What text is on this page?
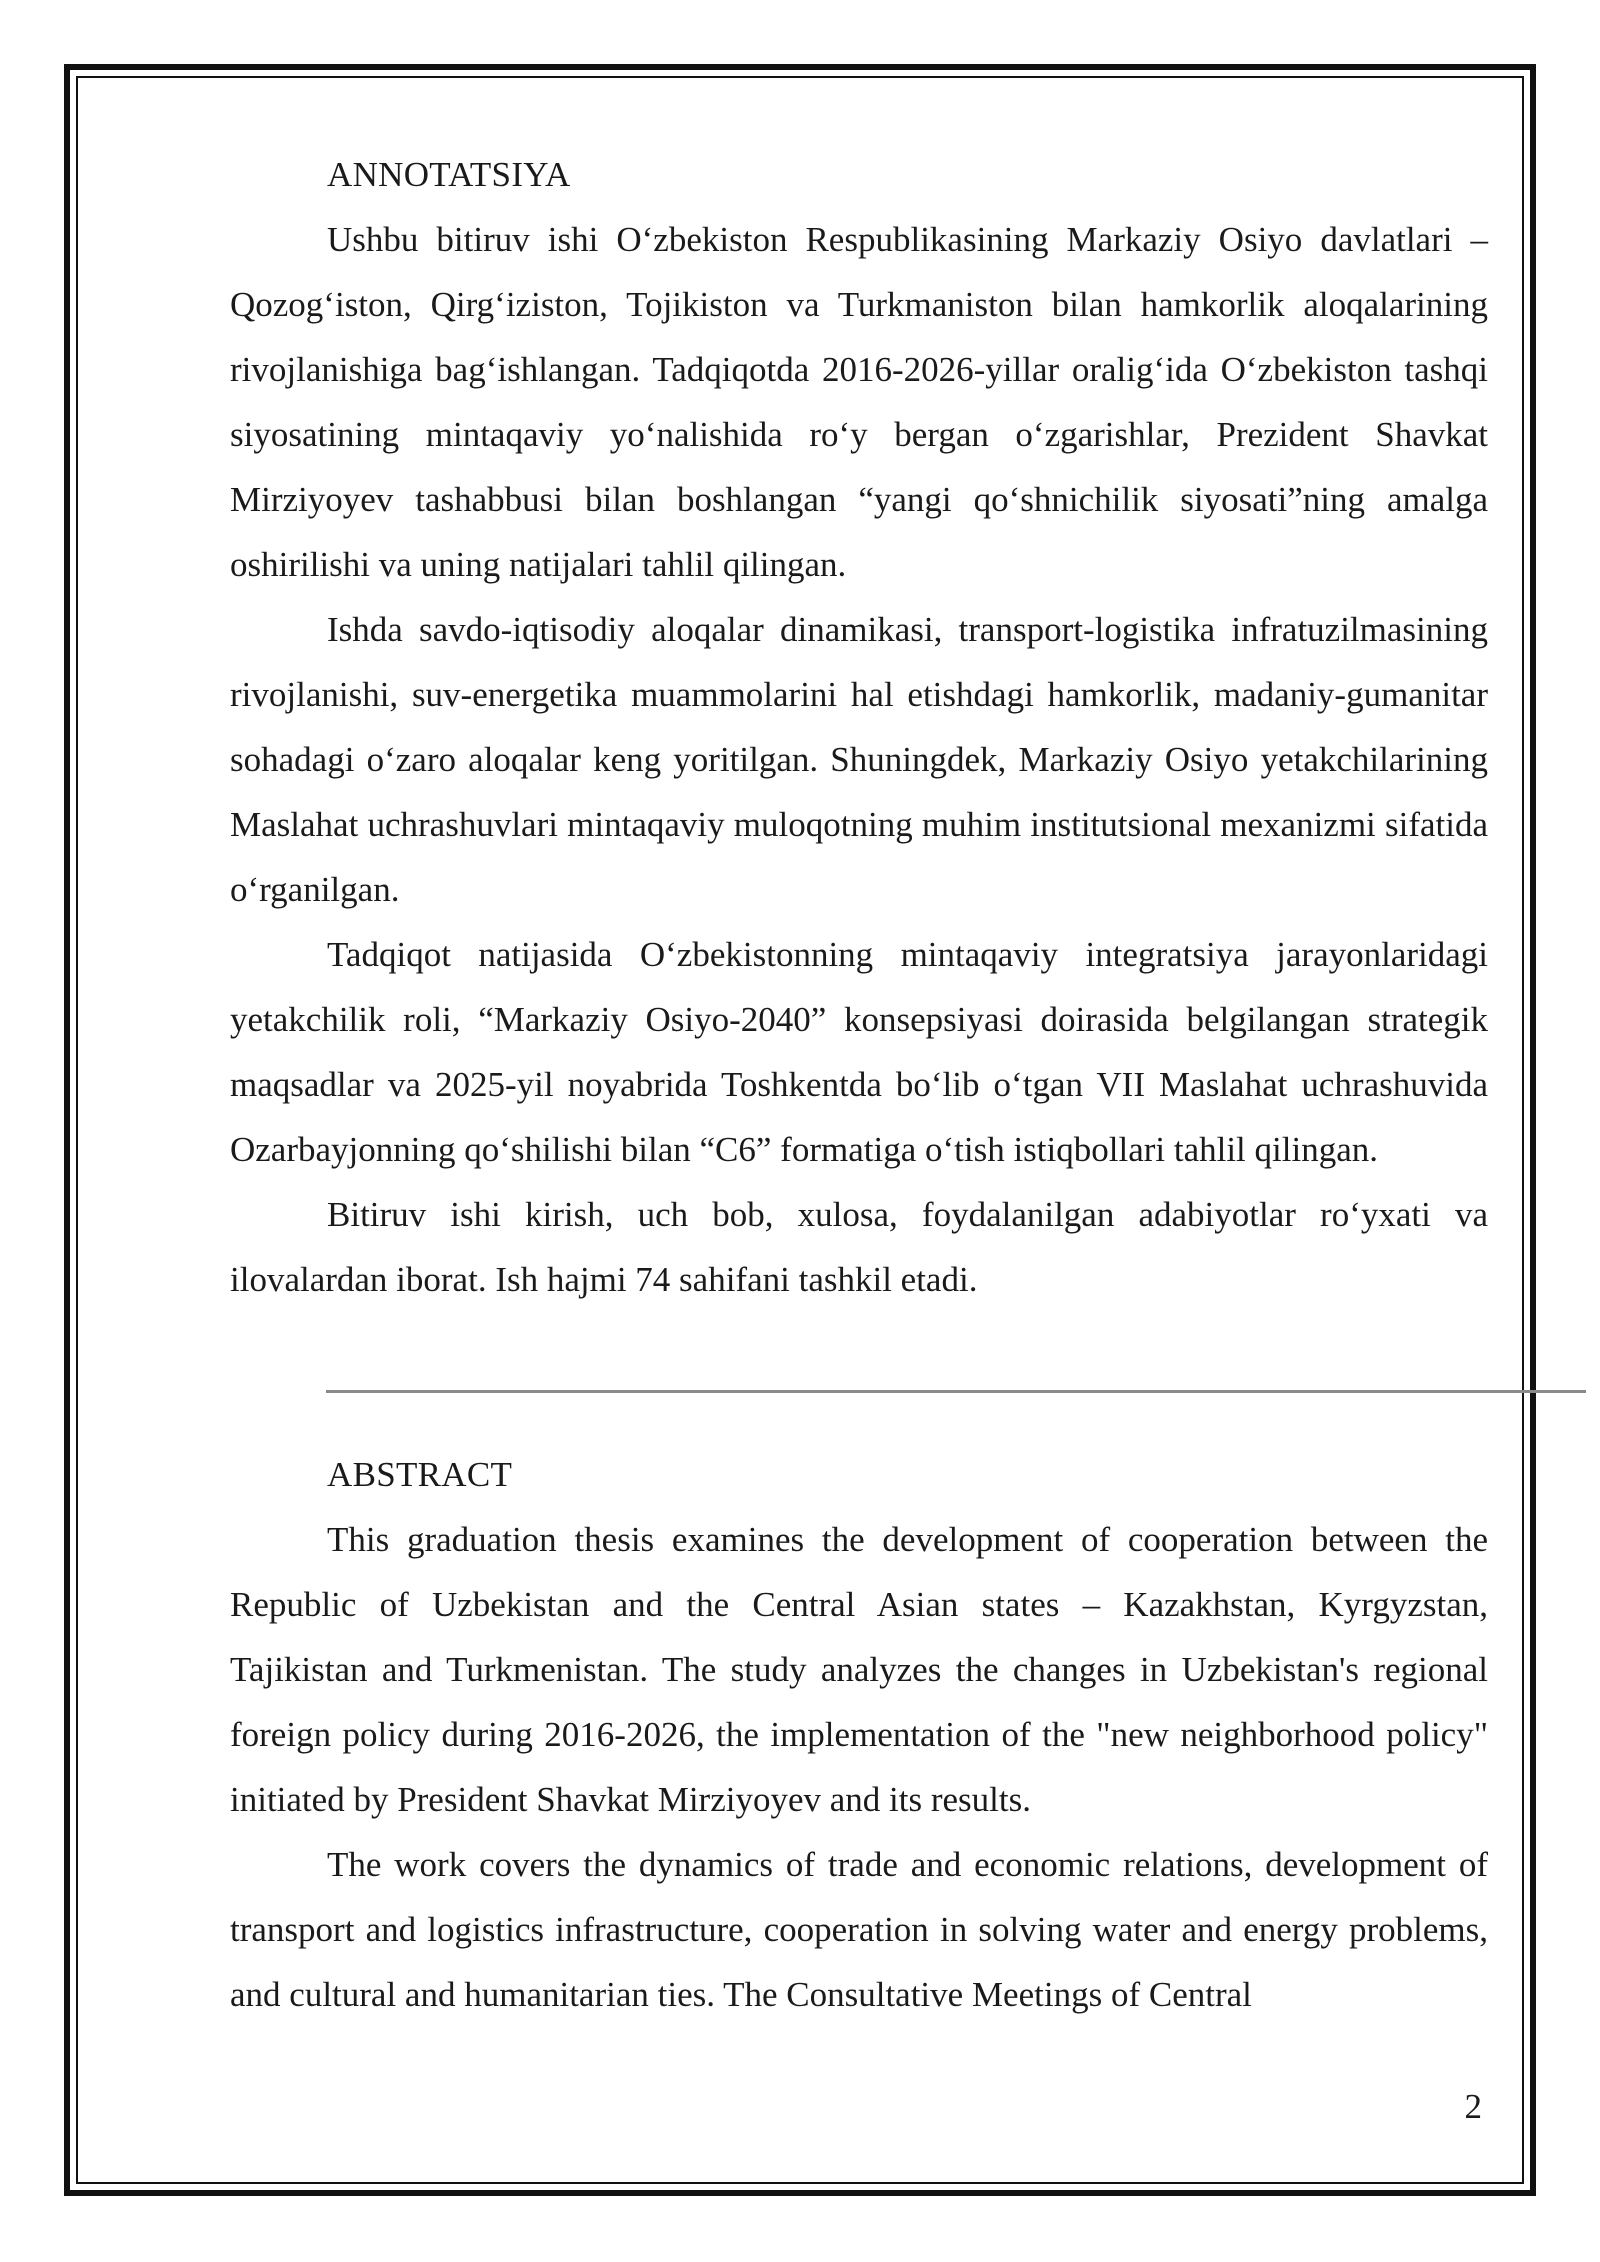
ANNOTATSIYA

Ushbu bitiruv ishi O‘zbekiston Respublikasining Markaziy Osiyo davlatlari – Qozog‘iston, Qirg‘iziston, Tojikiston va Turkmaniston bilan hamkorlik aloqalarining rivojlanishiga bag‘ishlangan. Tadqiqotda 2016-2026-yillar oralig‘ida O‘zbekiston tashqi siyosatining mintaqaviy yo‘nalishida ro‘y bergan o‘zgarishlar, Prezident Shavkat Mirziyoyev tashabbusi bilan boshlangan “yangi qo‘shnichilik siyosati”ning amalga oshirilishi va uning natijalari tahlil qilingan.

Ishda savdo-iqtisodiy aloqalar dinamikasi, transport-logistika infratuzilmasining rivojlanishi, suv-energetika muammolarini hal etishdagi hamkorlik, madaniy-gumanitar sohadagi o‘zaro aloqalar keng yoritilgan. Shuningdek, Markaziy Osiyo yetakchilarining Maslahat uchrashuvlari mintaqaviy muloqotning muhim institutsional mexanizmi sifatida o‘rganilgan.

Tadqiqot natijasida O‘zbekistonning mintaqaviy integratsiya jarayonlaridagi yetakchilik roli, “Markaziy Osiyo-2040” konsepsiyasi doirasida belgilangan strategik maqsadlar va 2025-yil noyabrida Toshkentda bo‘lib o‘tgan VII Maslahat uchrashuvida Ozarbayjonning qo‘shilishi bilan “C6” formatiga o‘tish istiqbollari tahlil qilingan.

Bitiruv ishi kirish, uch bob, xulosa, foydalanilgan adabiyotlar ro‘yxati va ilovalardan iborat. Ish hajmi 74 sahifani tashkil etadi.

ABSTRACT

This graduation thesis examines the development of cooperation between the Republic of Uzbekistan and the Central Asian states – Kazakhstan, Kyrgyzstan, Tajikistan and Turkmenistan. The study analyzes the changes in Uzbekistan's regional foreign policy during 2016-2026, the implementation of the "new neighborhood policy" initiated by President Shavkat Mirziyoyev and its results.

The work covers the dynamics of trade and economic relations, development of transport and logistics infrastructure, cooperation in solving water and energy problems, and cultural and humanitarian ties. The Consultative Meetings of Central

2
